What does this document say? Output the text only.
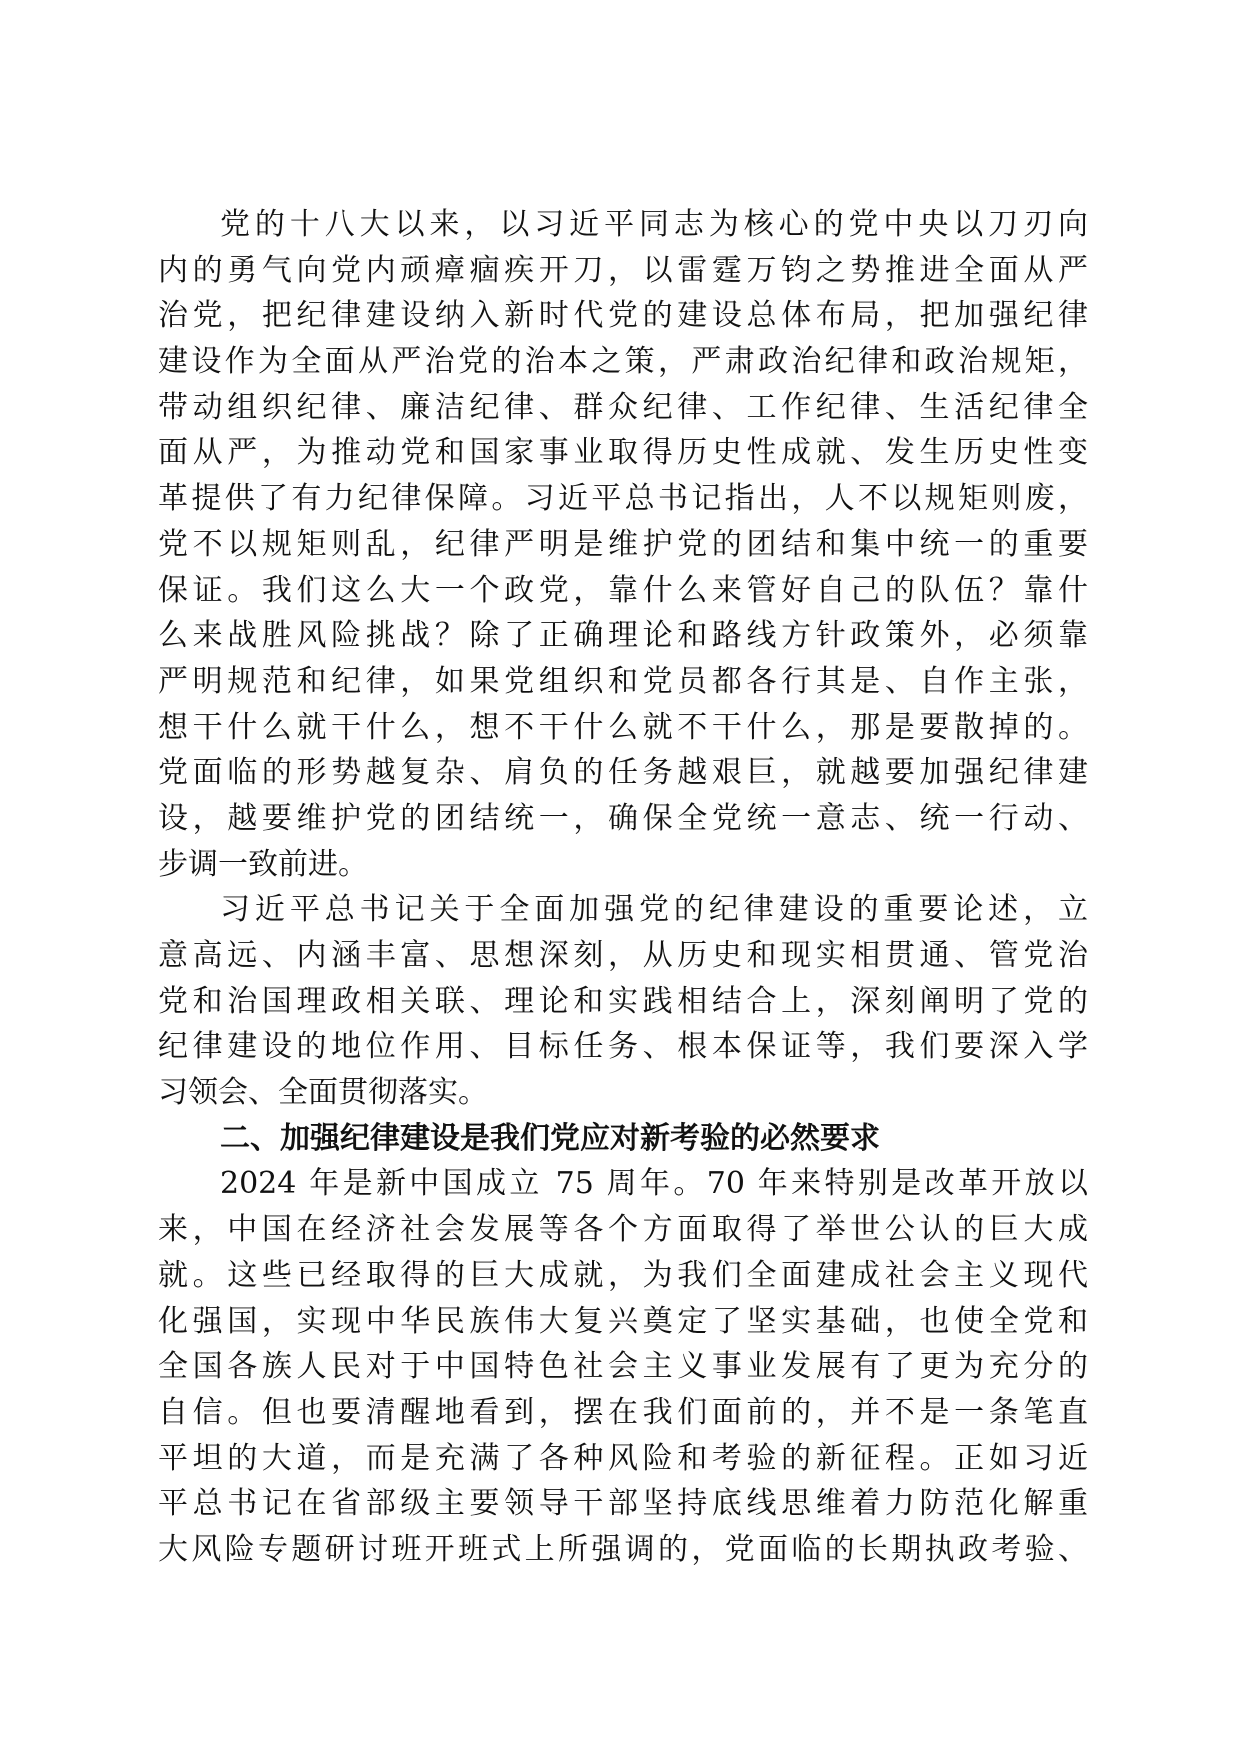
党的十八大以来，以习近平同志为核心的党中央以刀刃向
内的勇气向党内顽瘴痼疾开刀，以雷霆万钧之势推进全面从严
治党，把纪律建设纳入新时代党的建设总体布局，把加强纪律
建设作为全面从严治党的治本之策，严肃政治纪律和政治规矩，
带动组织纪律、廉洁纪律、群众纪律、工作纪律、生活纪律全
面从严，为推动党和国家事业取得历史性成就、发生历史性变
革提供了有力纪律保障。习近平总书记指出，人不以规矩则废，
党不以规矩则乱，纪律严明是维护党的团结和集中统一的重要
保证。我们这么大一个政党，靠什么来管好自己的队伍？靠什
么来战胜风险挑战？除了正确理论和路线方针政策外，必须靠
严明规范和纪律，如果党组织和党员都各行其是、自作主张，
想干什么就干什么，想不干什么就不干什么，那是要散掉的。
党面临的形势越复杂、肩负的任务越艰巨，就越要加强纪律建
设，越要维护党的团结统一，确保全党统一意志、统一行动、
步调一致前进。
习近平总书记关于全面加强党的纪律建设的重要论述，立
意高远、内涵丰富、思想深刻，从历史和现实相贯通、管党治
党和治国理政相关联、理论和实践相结合上，深刻阐明了党的
纪律建设的地位作用、目标任务、根本保证等，我们要深入学
习领会、全面贯彻落实。
二、加强纪律建设是我们党应对新考验的必然要求
2024 年是新中国成立 75 周年。70 年来特别是改革开放以
来，中国在经济社会发展等各个方面取得了举世公认的巨大成
就。这些已经取得的巨大成就，为我们全面建成社会主义现代
化强国，实现中华民族伟大复兴奠定了坚实基础，也使全党和
全国各族人民对于中国特色社会主义事业发展有了更为充分的
自信。但也要清醒地看到，摆在我们面前的，并不是一条笔直
平坦的大道，而是充满了各种风险和考验的新征程。正如习近
平总书记在省部级主要领导干部坚持底线思维着力防范化解重
大风险专题研讨班开班式上所强调的，党面临的长期执政考验、
